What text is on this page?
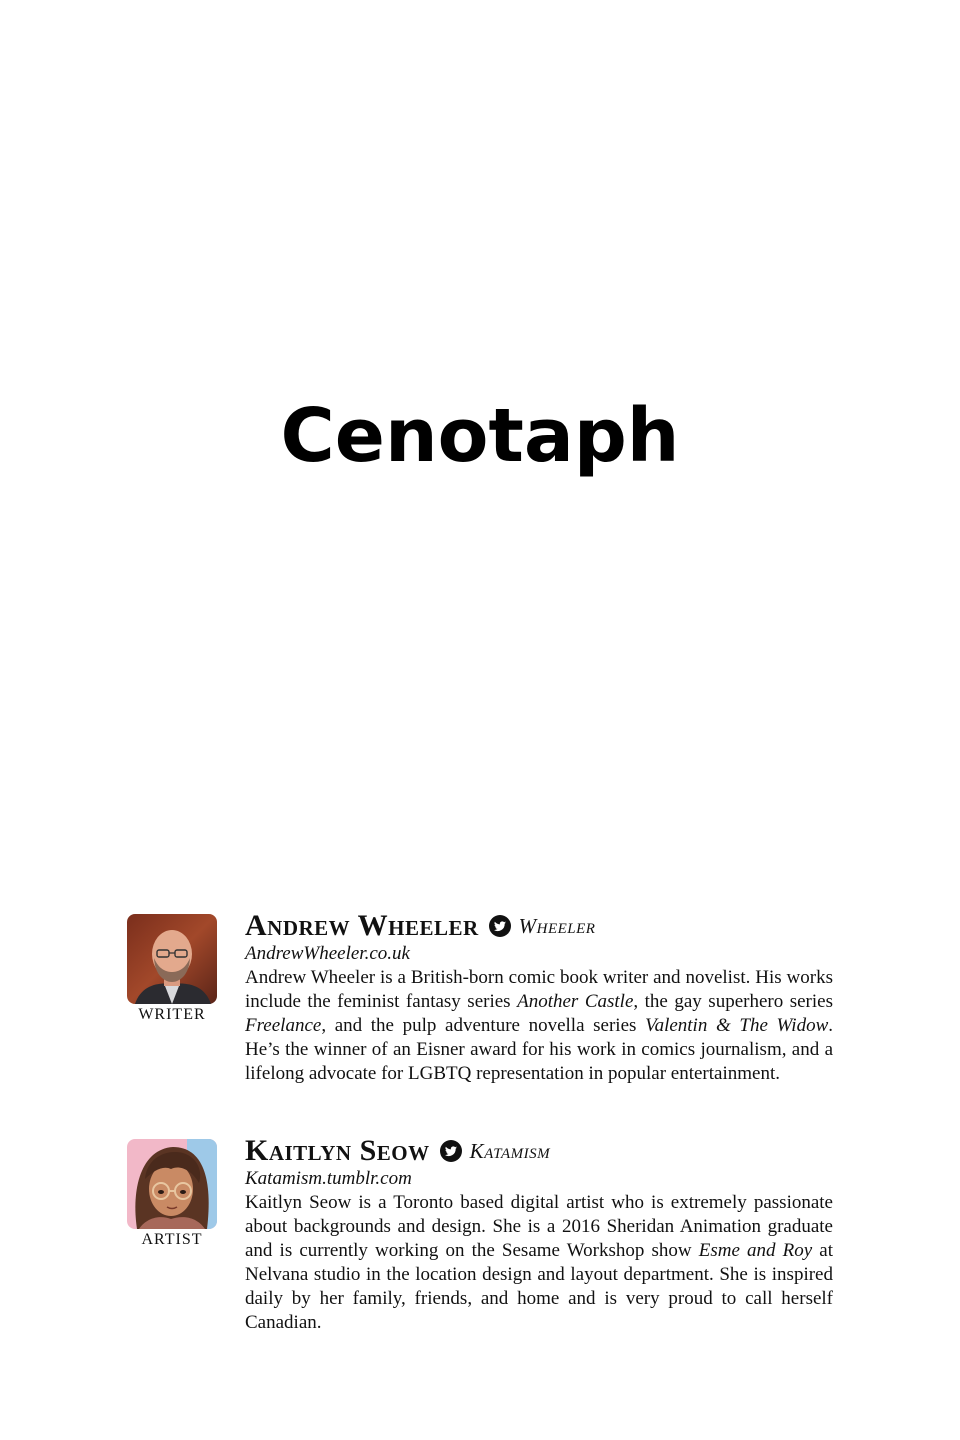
Cenotaph
WRITER
Andrew Wheeler Wheeler
AndrewWheeler.co.uk
Andrew Wheeler is a British-born comic book writer and novelist. His works include the feminist fantasy series Another Castle, the gay superhero series Freelance, and the pulp adventure novella series Valentin & The Widow. He’s the winner of an Eisner award for his work in comics journalism, and a lifelong advocate for LGBTQ representation in popular entertainment.
ARTIST
Kaitlyn Seow Katamism
Katamism.tumblr.com
Kaitlyn Seow is a Toronto based digital artist who is extremely passionate about backgrounds and design. She is a 2016 Sheridan Animation graduate and is currently working on the Sesame Workshop show Esme and Roy at Nelvana studio in the location design and layout department. She is inspired daily by her family, friends, and home and is very proud to call herself Canadian.
